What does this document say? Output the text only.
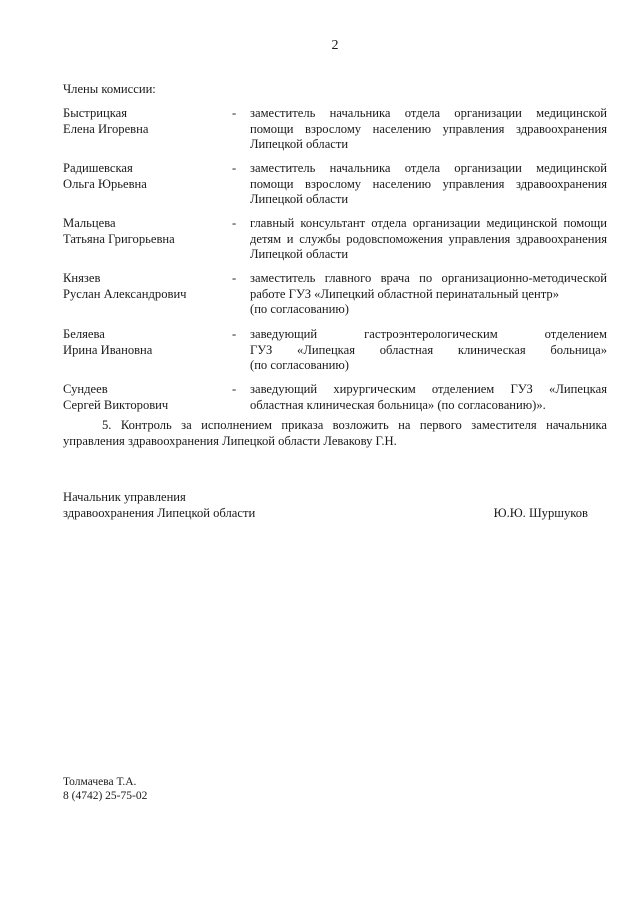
2
Члены комиссии:
Быстрицкая
Елена Игоревна
-	заместитель начальника отдела организации медицинской
помощи взрослому населению управления здравоохранения
Липецкой области
Радишевская
Ольга Юрьевна
-	заместитель начальника отдела организации медицинской
помощи взрослому населению управления здравоохранения
Липецкой области
Мальцева
Татьяна Григорьевна
-	главный консультант отдела организации медицинской помощи
детям и службы родовспоможения управления здравоохранения
Липецкой области
Князев
Руслан Александрович
-	заместитель главного врача по организационно-методической
работе ГУЗ «Липецкий областной перинатальный центр»
(по согласованию)
Беляева
Ирина Ивановна
-	заведующий гастроэнтерологическим отделением
ГУЗ «Липецкая областная клиническая больница»
(по согласованию)
Сундеев
Сергей Викторович
-	заведующий хирургическим отделением ГУЗ «Липецкая
областная клиническая больница» (по согласованию)».
5. Контроль за исполнением приказа возложить на первого заместителя начальника
управления здравоохранения Липецкой области Левакову Г.Н.
Начальник управления
здравоохранения Липецкой области	Ю.Ю. Шуршуков
Толмачева Т.А.
8 (4742) 25-75-02
